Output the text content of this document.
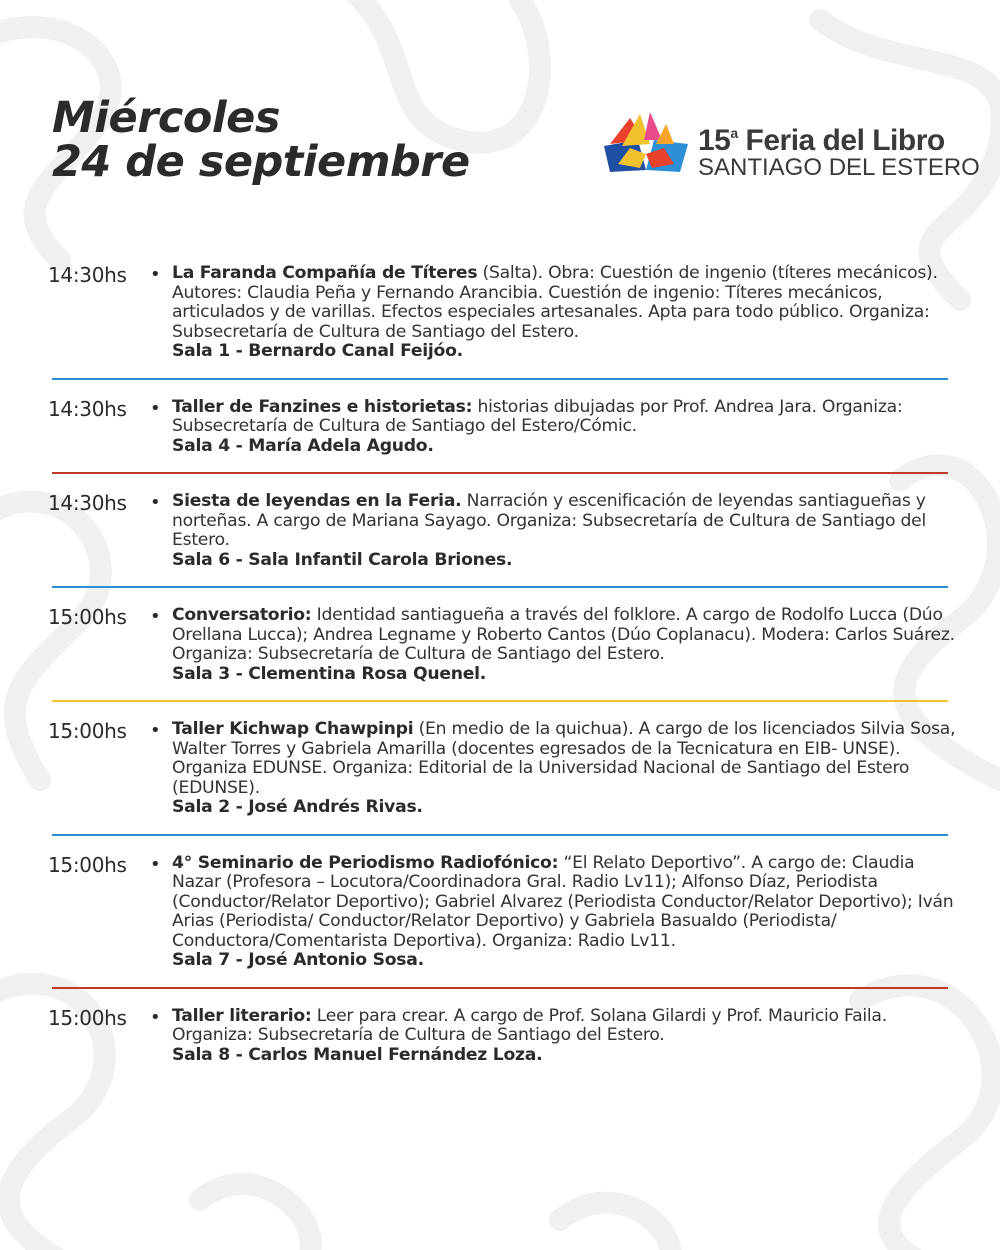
Miércoles
24 de septiembre	15$^a$ Feria del Libro
SANTIAGO DEL ESTERO
14:30hs	• La Faranda Compañía de Títeres (Salta). Obra: Cuestión de ingenio (títeres mecánicos). Autores: Claudia Peña y Fernando Arancibia. Cuestión de ingenio: Títeres mecánicos, articulados y de varillas. Efectos especiales artesanales. Apta para todo público. Organiza: Subsecretaría de Cultura de Santiago del Estero.
Sala 1 - Bernardo Canal Feijóo.
14:30hs	• Taller de Fanzines e historietas: historias dibujadas por Prof. Andrea Jara. Organiza: Subsecretaría de Cultura de Santiago del Estero/Cómic.
Sala 4 - María Adela Agudo.
14:30hs	• Siesta de leyendas en la Feria. Narración y escenificación de leyendas santiagueñas y norteñas. A cargo de Mariana Sayago. Organiza: Subsecretaría de Cultura de Santiago del Estero.
Sala 6 - Sala Infantil Carola Briones.
15:00hs	• Conversatorio: Identidad santiagueña a través del folklore. A cargo de Rodolfo Lucca (Dúo Orellana Lucca); Andrea Legname y Roberto Cantos (Dúo Coplanacu). Modera: Carlos Suárez. Organiza: Subsecretaría de Cultura de Santiago del Estero.
Sala 3 - Clementina Rosa Quenel.
15:00hs	• Taller Kichwap Chawpinpi (En medio de la quichua). A cargo de los licenciados Silvia Sosa, Walter Torres y Gabriela Amarilla (docentes egresados de la Tecnicatura en EIB- UNSE). Organiza EDUNSE. Organiza: Editorial de la Universidad Nacional de Santiago del Estero (EDUNSE).
Sala 2 - José Andrés Rivas.
15:00hs	• 4° Seminario de Periodismo Radiofónico: “El Relato Deportivo”. A cargo de: Claudia Nazar (Profesora – Locutora/Coordinadora Gral. Radio Lv11); Alfonso Díaz, Periodista (Conductor/Relator Deportivo); Gabriel Alvarez (Periodista Conductor/Relator Deportivo); Iván Arias (Periodista/ Conductor/Relator Deportivo) y Gabriela Basualdo (Periodista/ Conductora/Comentarista Deportiva). Organiza: Radio Lv11.
Sala 7 - José Antonio Sosa.
15:00hs	• Taller literario: Leer para crear. A cargo de Prof. Solana Gilardi y Prof. Mauricio Faila. Organiza: Subsecretaría de Cultura de Santiago del Estero.
Sala 8 - Carlos Manuel Fernández Loza.
